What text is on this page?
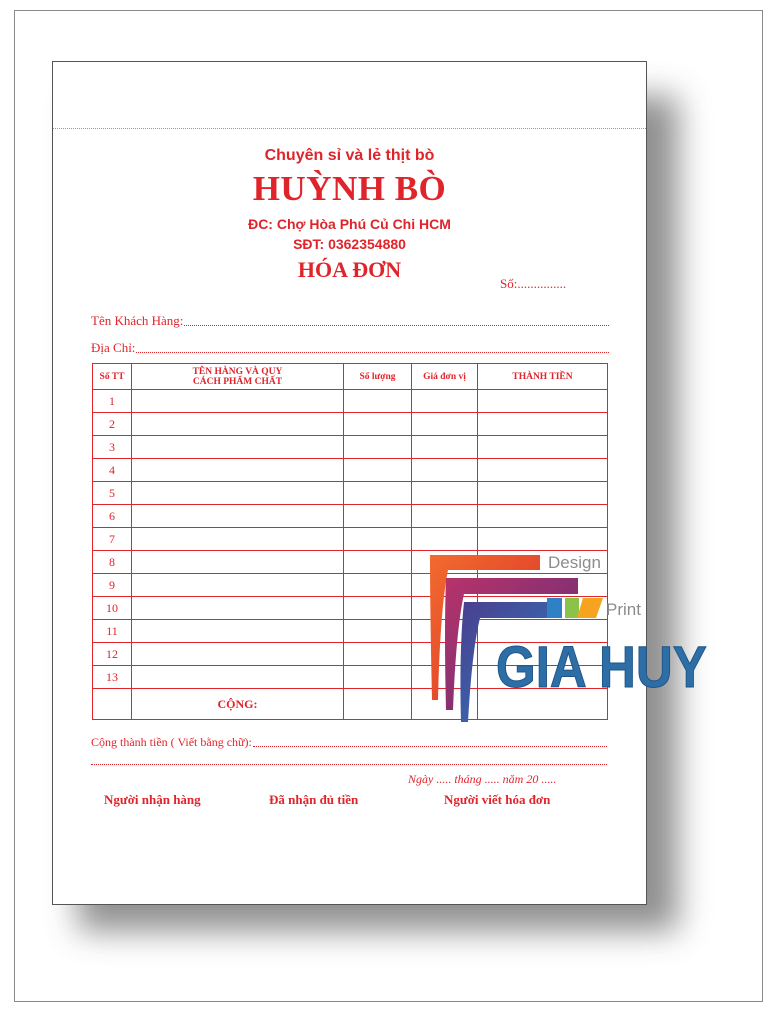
Chuyên sỉ và lẻ thịt bò
HUỲNH BÒ
ĐC: Chợ Hòa Phú Củ Chi HCM
SĐT: 0362354880
HÓA ĐƠN
Số:...............
Tên Khách Hàng:
Địa Chỉ:
Số TT	TÊN HÀNG VÀ QUY
CÁCH PHẨM CHẤT	Số lượng	Giá đơn vị	THÀNH TIỀN
1				
2				
3				
4				
5				
6				
7				
8				
9				
10				
11				
12				
13				
	CỘNG:			
Cộng thành tiền ( Viết bằng chữ):
Ngày ..... tháng ..... năm 20 .....
Người nhận hàng	Đã nhận đủ tiền	Người viết hóa đơn
Design
Print
GIA HUY
